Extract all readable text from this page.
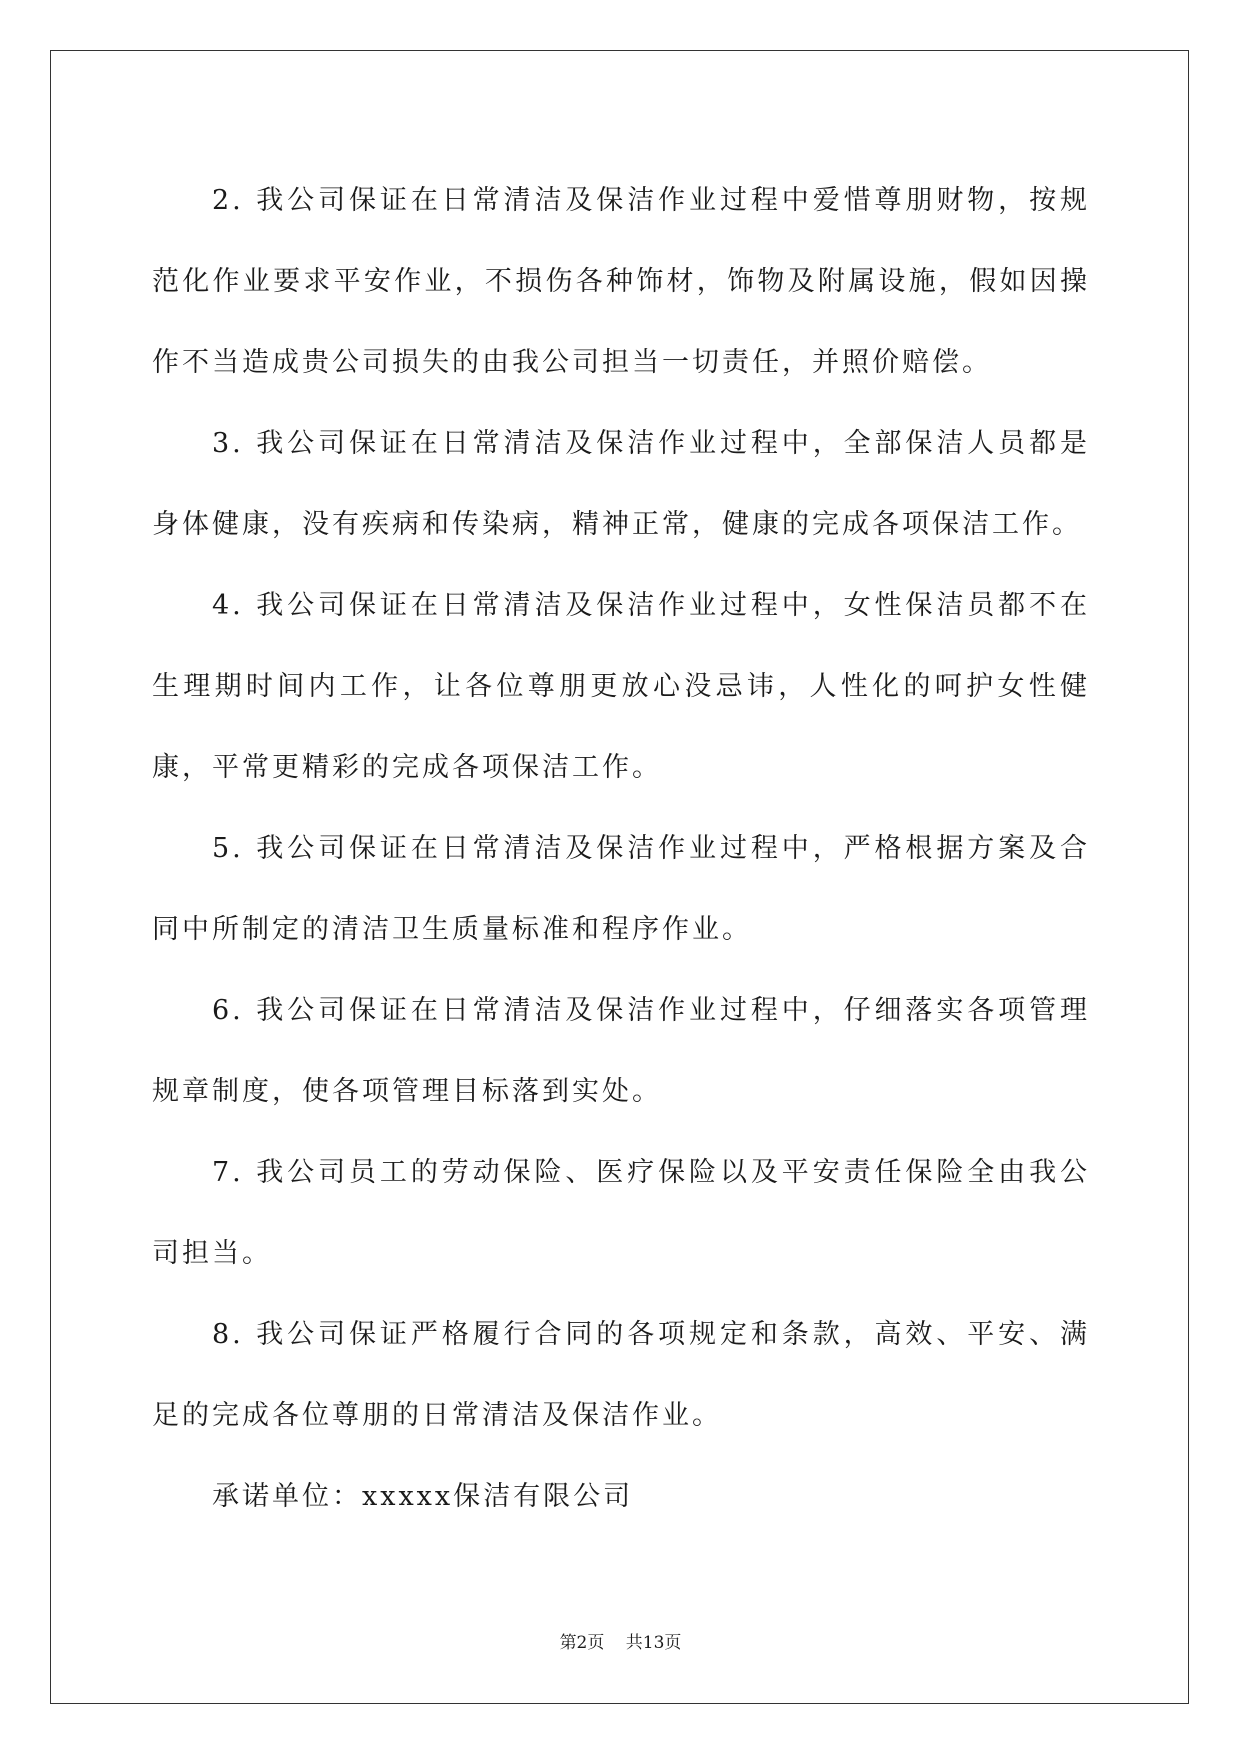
2. 我公司保证在日常清洁及保洁作业过程中爱惜尊朋财物，按规范化作业要求平安作业，不损伤各种饰材，饰物及附属设施，假如因操作不当造成贵公司损失的由我公司担当一切责任，并照价赔偿。

3. 我公司保证在日常清洁及保洁作业过程中，全部保洁人员都是身体健康，没有疾病和传染病，精神正常，健康的完成各项保洁工作。

4. 我公司保证在日常清洁及保洁作业过程中，女性保洁员都不在生理期时间内工作，让各位尊朋更放心没忌讳，人性化的呵护女性健康，平常更精彩的完成各项保洁工作。

5. 我公司保证在日常清洁及保洁作业过程中，严格根据方案及合同中所制定的清洁卫生质量标准和程序作业。

6. 我公司保证在日常清洁及保洁作业过程中，仔细落实各项管理规章制度，使各项管理目标落到实处。

7. 我公司员工的劳动保险、医疗保险以及平安责任保险全由我公司担当。

8. 我公司保证严格履行合同的各项规定和条款，高效、平安、满足的完成各位尊朋的日常清洁及保洁作业。

承诺单位：xxxxx保洁有限公司

第2页 共13页
